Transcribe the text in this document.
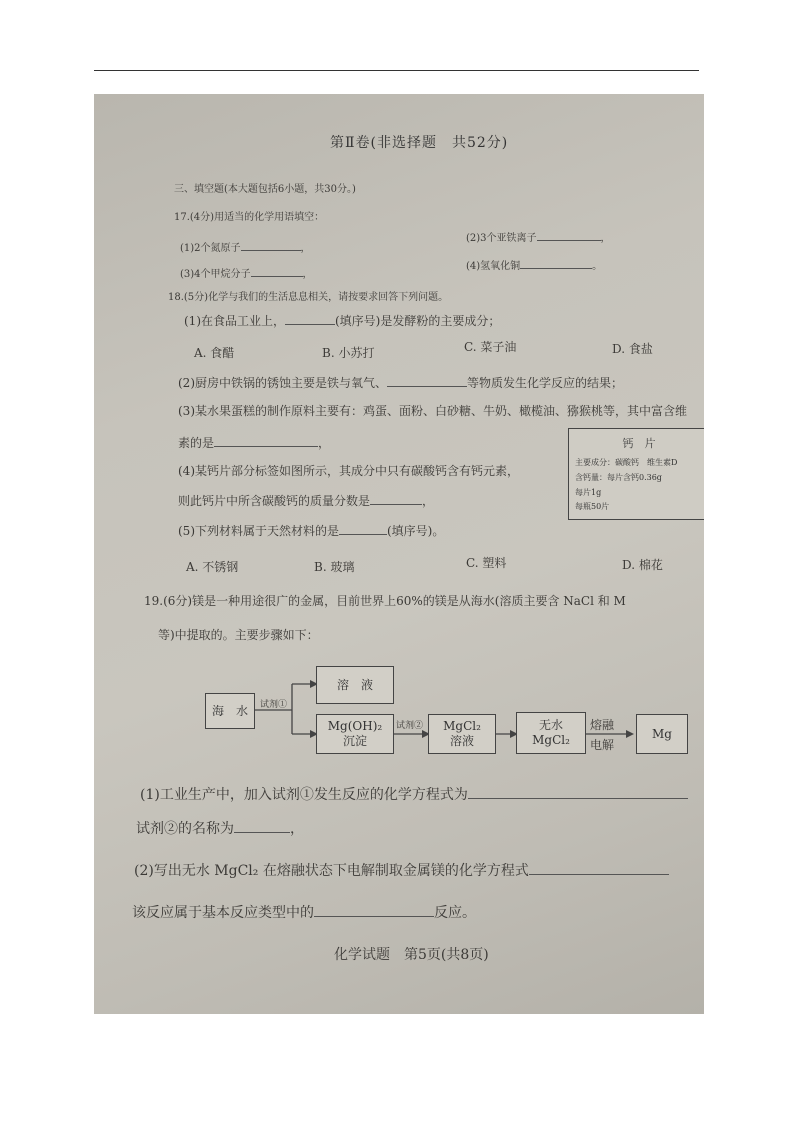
第Ⅱ卷(非选择题　共52分)
三、填空题(本大题包括6小题，共30分。)
17.(4分)用适当的化学用语填空：
(1)2个氮原子	，
(2)3个亚铁离子	，
(3)4个甲烷分子	，
(4)氢氧化铜	。
18.(5分)化学与我们的生活息息相关，请按要求回答下列问题。
(1)在食品工业上，	(填序号)是发酵粉的主要成分；
A. 食醋	B. 小苏打	C. 菜子油	D. 食盐
(2)厨房中铁锅的锈蚀主要是铁与氧气、	等物质发生化学反应的结果；
(3)某水果蛋糕的制作原料主要有：鸡蛋、面粉、白砂糖、牛奶、橄榄油、猕猴桃等，其中富含维
素的是	，
(4)某钙片部分标签如图所示，其成分中只有碳酸钙含有钙元素，
则此钙片中所含碳酸钙的质量分数是	，
(5)下列材料属于天然材料的是	(填序号)。
A. 不锈钢	B. 玻璃	C. 塑料	D. 棉花
19.(6分)镁是一种用途很广的金属，目前世界上60%的镁是从海水(溶质主要含 NaCl 和 M
等)中提取的。主要步骤如下：
海　水	试剂①
溶　液
Mg(OH)₂
沉淀
试剂② MgCl₂
溶液
无水
MgCl₂
熔融
电解
Mg
(1)工业生产中，加入试剂①发生反应的化学方程式为
试剂②的名称为	，
(2)写出无水 MgCl₂ 在熔融状态下电解制取金属镁的化学方程式
该反应属于基本反应类型中的	反应。
化学试题　第5页(共8页)
钙　片
主要成分：碳酸钙　维生素D
含钙量：每片含钙0.36g
每片1g
每瓶50片
